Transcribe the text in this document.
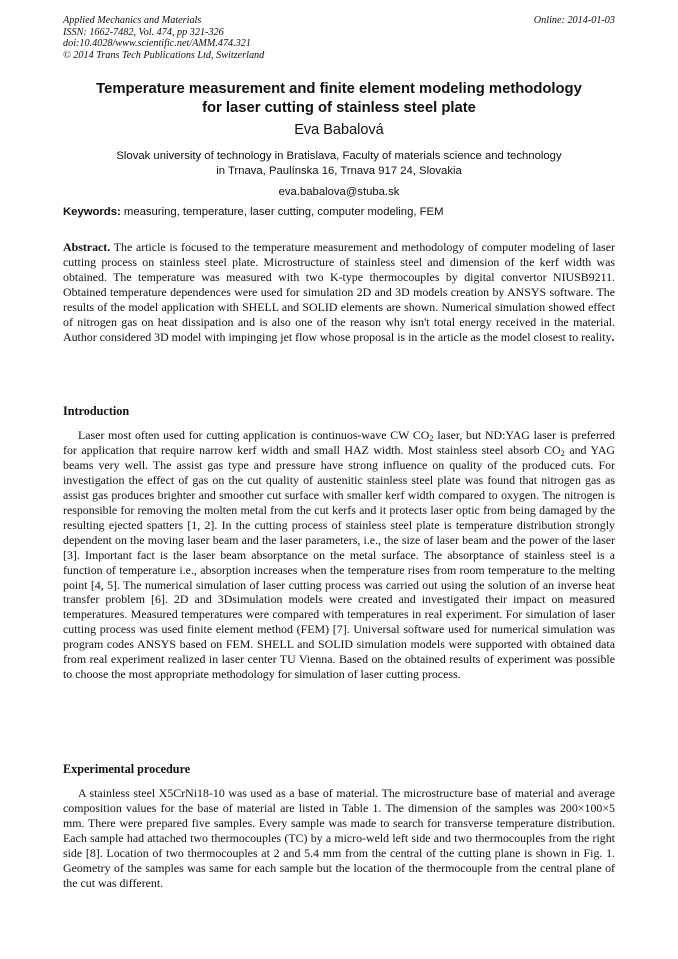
Applied Mechanics and Materials
ISSN: 1662-7482, Vol. 474, pp 321-326
doi:10.4028/www.scientific.net/AMM.474.321
© 2014 Trans Tech Publications Ltd, Switzerland
Online: 2014-01-03
Temperature measurement and finite element modeling methodology
for laser cutting of stainless steel plate
Eva Babalová
Slovak university of technology in Bratislava, Faculty of materials science and technology
in Trnava, Paulínska 16, Trnava 917 24, Slovakia
eva.babalova@stuba.sk
Keywords: measuring, temperature, laser cutting, computer modeling, FEM
Abstract. The article is focused to the temperature measurement and methodology of computer modeling of laser cutting process on stainless steel plate. Microstructure of stainless steel and dimension of the kerf width was obtained. The temperature was measured with two K-type thermocouples by digital convertor NIUSB9211. Obtained temperature dependences were used for simulation 2D and 3D models creation by ANSYS software. The results of the model application with SHELL and SOLID elements are shown. Numerical simulation showed effect of nitrogen gas on heat dissipation and is also one of the reason why isn't total energy received in the material. Author considered 3D model with impinging jet flow whose proposal is in the article as the model closest to reality.
Introduction
Laser most often used for cutting application is continuos-wave CW $CO_2$ laser, but ND:YAG laser is preferred for application that require narrow kerf width and small HAZ width. Most stainless steel absorb $CO_2$ and YAG beams very well. The assist gas type and pressure have strong influence on quality of the produced cuts. For investigation the effect of gas on the cut quality of austenitic stainless steel plate was found that nitrogen gas as assist gas produces brighter and smoother cut surface with smaller kerf width compared to oxygen. The nitrogen is responsible for removing the molten metal from the cut kerfs and it protects laser optic from being damaged by the resulting ejected spatters [1, 2]. In the cutting process of stainless steel plate is temperature distribution strongly dependent on the moving laser beam and the laser parameters, i.e., the size of laser beam and the power of the laser [3]. Important fact is the laser beam absorptance on the metal surface. The absorptance of stainless steel is a function of temperature i.e., absorption increases when the temperature rises from room temperature to the melting point [4, 5]. The numerical simulation of laser cutting process was carried out using the solution of an inverse heat transfer problem [6]. 2D and 3Dsimulation models were created and investigated their impact on measured temperatures. Measured temperatures were compared with temperatures in real experiment. For simulation of laser cutting process was used finite element method (FEM) [7]. Universal software used for numerical simulation was program codes ANSYS based on FEM. SHELL and SOLID simulation models were supported with obtained data from real experiment realized in laser center TU Vienna. Based on the obtained results of experiment was possible to choose the most appropriate methodology for simulation of laser cutting process.
Experimental procedure
A stainless steel X5CrNi18-10 was used as a base of material. The microstructure base of material and average composition values for the base of material are listed in Table 1. The dimension of the samples was 200×100×5 mm. There were prepared five samples. Every sample was made to search for transverse temperature distribution. Each sample had attached two thermocouples (TC) by a micro-weld left side and two thermocouples from the right side [8]. Location of two thermocouples at 2 and 5.4 mm from the central of the cutting plane is shown in Fig. 1. Geometry of the samples was same for each sample but the location of the thermocouple from the central plane of the cut was different.
